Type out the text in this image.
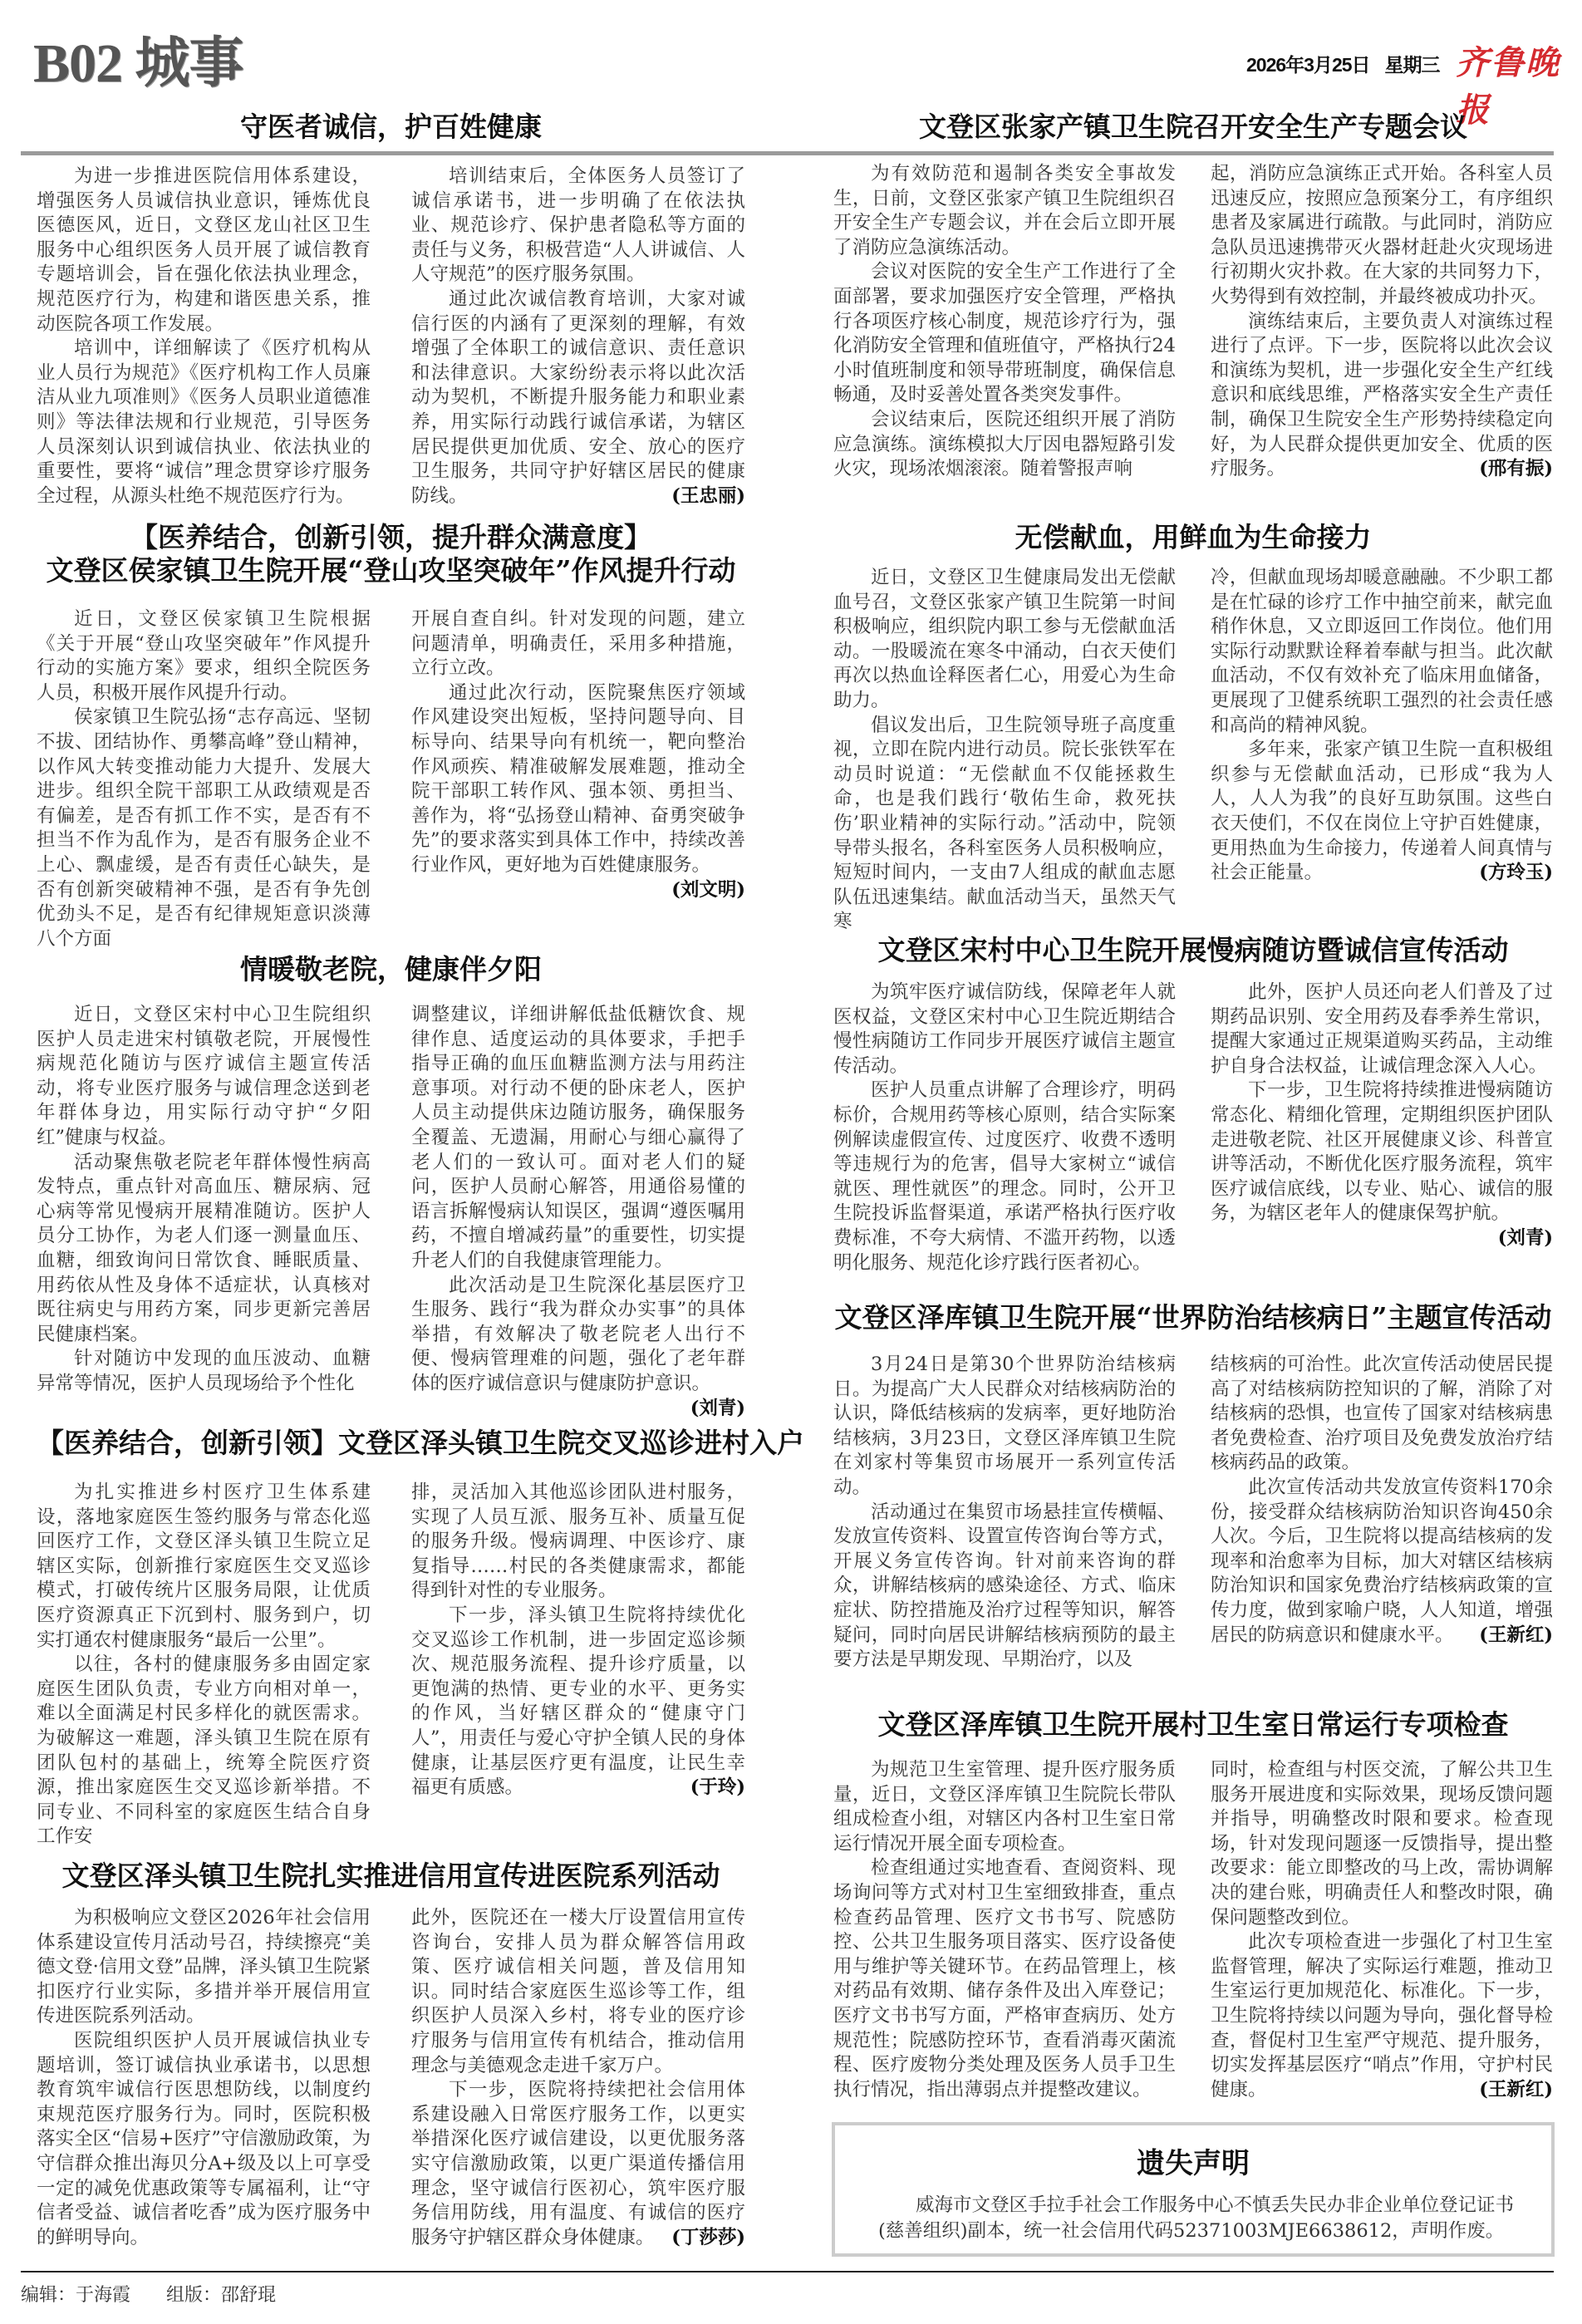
B02 城事	2026年3月25日 星期三 齐鲁晚报
守医者诚信，护百姓健康

为进一步推进医院信用体系建设，增强医务人员诚信执业意识，锤炼优良医德医风，近日，文登区龙山社区卫生服务中心组织医务人员开展了诚信教育专题培训会，旨在强化依法执业理念，规范医疗行为，构建和谐医患关系，推动医院各项工作发展。

培训中，详细解读了《医疗机构从业人员行为规范》《医疗机构工作人员廉洁从业九项准则》《医务人员职业道德准则》等法律法规和行业规范，引导医务人员深刻认识到诚信执业、依法执业的重要性，要将“诚信”理念贯穿诊疗服务全过程，从源头杜绝不规范医疗行为。

培训结束后，全体医务人员签订了诚信承诺书，进一步明确了在依法执业、规范诊疗、保护患者隐私等方面的责任与义务，积极营造“人人讲诚信、人人守规范”的医疗服务氛围。

通过此次诚信教育培训，大家对诚信行医的内涵有了更深刻的理解，有效增强了全体职工的诚信意识、责任意识和法律意识。大家纷纷表示将以此次活动为契机，不断提升服务能力和职业素养，用实际行动践行诚信承诺，为辖区居民提供更加优质、安全、放心的医疗卫生服务，共同守护好辖区居民的健康防线。	(王忠丽)

【医养结合，创新引领，提升群众满意度】
文登区侯家镇卫生院开展“登山攻坚突破年”作风提升行动

近日，文登区侯家镇卫生院根据《关于开展“登山攻坚突破年”作风提升行动的实施方案》要求，组织全院医务人员，积极开展作风提升行动。

侯家镇卫生院弘扬“志存高远、坚韧不拔、团结协作、勇攀高峰”登山精神，以作风大转变推动能力大提升、发展大进步。组织全院干部职工从政绩观是否有偏差，是否有抓工作不实，是否有不担当不作为乱作为，是否有服务企业不上心、飘虚缓，是否有责任心缺失，是否有创新突破精神不强，是否有争先创优劲头不足，是否有纪律规矩意识淡薄八个方面

开展自查自纠。针对发现的问题，建立问题清单，明确责任，采用多种措施，立行立改。

通过此次行动，医院聚焦医疗领域作风建设突出短板，坚持问题导向、目标导向、结果导向有机统一，靶向整治作风顽疾、精准破解发展难题，推动全院干部职工转作风、强本领、勇担当、善作为，将“弘扬登山精神、奋勇突破争先”的要求落实到具体工作中，持续改善行业作风，更好地为百姓健康服务。
(刘文明)

情暖敬老院，健康伴夕阳

近日，文登区宋村中心卫生院组织医护人员走进宋村镇敬老院，开展慢性病规范化随访与医疗诚信主题宣传活动，将专业医疗服务与诚信理念送到老年群体身边，用实际行动守护“夕阳红”健康与权益。

活动聚焦敬老院老年群体慢性病高发特点，重点针对高血压、糖尿病、冠心病等常见慢病开展精准随访。医护人员分工协作，为老人们逐一测量血压、血糖，细致询问日常饮食、睡眠质量、用药依从性及身体不适症状，认真核对既往病史与用药方案，同步更新完善居民健康档案。

针对随访中发现的血压波动、血糖异常等情况，医护人员现场给予个性化

调整建议，详细讲解低盐低糖饮食、规律作息、适度运动的具体要求，手把手指导正确的血压血糖监测方法与用药注意事项。对行动不便的卧床老人，医护人员主动提供床边随访服务，确保服务全覆盖、无遗漏，用耐心与细心赢得了老人们的一致认可。面对老人们的疑问，医护人员耐心解答，用通俗易懂的语言拆解慢病认知误区，强调“遵医嘱用药，不擅自增减药量”的重要性，切实提升老人们的自我健康管理能力。

此次活动是卫生院深化基层医疗卫生服务、践行“我为群众办实事”的具体举措，有效解决了敬老院老人出行不便、慢病管理难的问题，强化了老年群体的医疗诚信意识与健康防护意识。
(刘青)

【医养结合，创新引领】文登区泽头镇卫生院交叉巡诊进村入户

为扎实推进乡村医疗卫生体系建设，落地家庭医生签约服务与常态化巡回医疗工作，文登区泽头镇卫生院立足辖区实际，创新推行家庭医生交叉巡诊模式，打破传统片区服务局限，让优质医疗资源真正下沉到村、服务到户，切实打通农村健康服务“最后一公里”。

以往，各村的健康服务多由固定家庭医生团队负责，专业方向相对单一，难以全面满足村民多样化的就医需求。为破解这一难题，泽头镇卫生院在原有团队包村的基础上，统筹全院医疗资源，推出家庭医生交叉巡诊新举措。不同专业、不同科室的家庭医生结合自身工作安

排，灵活加入其他巡诊团队进村服务，实现了人员互派、服务互补、质量互促的服务升级。慢病调理、中医诊疗、康复指导……村民的各类健康需求，都能得到针对性的专业服务。

下一步，泽头镇卫生院将持续优化交叉巡诊工作机制，进一步固定巡诊频次、规范服务流程、提升诊疗质量，以更饱满的热情、更专业的水平、更务实的作风，当好辖区群众的“健康守门人”，用责任与爱心守护全镇人民的身体健康，让基层医疗更有温度，让民生幸福更有质感。	(于玲)

文登区泽头镇卫生院扎实推进信用宣传进医院系列活动

为积极响应文登区2026年社会信用体系建设宣传月活动号召，持续擦亮“美德文登·信用文登”品牌，泽头镇卫生院紧扣医疗行业实际，多措并举开展信用宣传进医院系列活动。

医院组织医护人员开展诚信执业专题培训，签订诚信执业承诺书，以思想教育筑牢诚信行医思想防线，以制度约束规范医疗服务行为。同时，医院积极落实全区“信易+医疗”守信激励政策，为守信群众推出海贝分A+级及以上可享受一定的减免优惠政策等专属福利，让“守信者受益、诚信者吃香”成为医疗服务中的鲜明导向。

此外，医院还在一楼大厅设置信用宣传咨询台，安排人员为群众解答信用政策、医疗诚信相关问题，普及信用知识。同时结合家庭医生巡诊等工作，组织医护人员深入乡村，将专业的医疗诊疗服务与信用宣传有机结合，推动信用理念与美德观念走进千家万户。

下一步，医院将持续把社会信用体系建设融入日常医疗服务工作，以更实举措深化医疗诚信建设，以更优服务落实守信激励政策，以更广渠道传播信用理念，坚守诚信行医初心，筑牢医疗服务信用防线，用有温度、有诚信的医疗服务守护辖区群众身体健康。 (丁莎莎)

文登区张家产镇卫生院召开安全生产专题会议

为有效防范和遏制各类安全事故发生，日前，文登区张家产镇卫生院组织召开安全生产专题会议，并在会后立即开展了消防应急演练活动。

会议对医院的安全生产工作进行了全面部署，要求加强医疗安全管理，严格执行各项医疗核心制度，规范诊疗行为，强化消防安全管理和值班值守，严格执行24小时值班制度和领导带班制度，确保信息畅通，及时妥善处置各类突发事件。

会议结束后，医院还组织开展了消防应急演练。演练模拟大厅因电器短路引发火灾，现场浓烟滚滚。随着警报声响

起，消防应急演练正式开始。各科室人员迅速反应，按照应急预案分工，有序组织患者及家属进行疏散。与此同时，消防应急队员迅速携带灭火器材赶赴火灾现场进行初期火灾扑救。在大家的共同努力下，火势得到有效控制，并最终被成功扑灭。

演练结束后，主要负责人对演练过程进行了点评。下一步，医院将以此次会议和演练为契机，进一步强化安全生产红线意识和底线思维，严格落实安全生产责任制，确保卫生院安全生产形势持续稳定向好，为人民群众提供更加安全、优质的医疗服务。	(邢有振)

无偿献血，用鲜血为生命接力

近日，文登区卫生健康局发出无偿献血号召，文登区张家产镇卫生院第一时间积极响应，组织院内职工参与无偿献血活动。一股暖流在寒冬中涌动，白衣天使们再次以热血诠释医者仁心，用爱心为生命助力。

倡议发出后，卫生院领导班子高度重视，立即在院内进行动员。院长张铁军在动员时说道：“无偿献血不仅能拯救生命，也是我们践行‘敬佑生命，救死扶伤’职业精神的实际行动。”活动中，院领导带头报名，各科室医务人员积极响应，短短时间内，一支由7人组成的献血志愿队伍迅速集结。献血活动当天，虽然天气寒

冷，但献血现场却暖意融融。不少职工都是在忙碌的诊疗工作中抽空前来，献完血稍作休息，又立即返回工作岗位。他们用实际行动默默诠释着奉献与担当。此次献血活动，不仅有效补充了临床用血储备，更展现了卫健系统职工强烈的社会责任感和高尚的精神风貌。

多年来，张家产镇卫生院一直积极组织参与无偿献血活动，已形成“我为人人，人人为我”的良好互助氛围。这些白衣天使们，不仅在岗位上守护百姓健康，更用热血为生命接力，传递着人间真情与社会正能量。	(方玲玉)

文登区宋村中心卫生院开展慢病随访暨诚信宣传活动

为筑牢医疗诚信防线，保障老年人就医权益，文登区宋村中心卫生院近期结合慢性病随访工作同步开展医疗诚信主题宣传活动。

医护人员重点讲解了合理诊疗，明码标价，合规用药等核心原则，结合实际案例解读虚假宣传、过度医疗、收费不透明等违规行为的危害，倡导大家树立“诚信就医、理性就医”的理念。同时，公开卫生院投诉监督渠道，承诺严格执行医疗收费标准，不夸大病情、不滥开药物，以透明化服务、规范化诊疗践行医者初心。

此外，医护人员还向老人们普及了过期药品识别、安全用药及春季养生常识，提醒大家通过正规渠道购买药品，主动维护自身合法权益，让诚信理念深入人心。

下一步，卫生院将持续推进慢病随访常态化、精细化管理，定期组织医护团队走进敬老院、社区开展健康义诊、科普宣讲等活动，不断优化医疗服务流程，筑牢医疗诚信底线，以专业、贴心、诚信的服务，为辖区老年人的健康保驾护航。
(刘青)

文登区泽库镇卫生院开展“世界防治结核病日”主题宣传活动

3月24日是第30个世界防治结核病日。为提高广大人民群众对结核病防治的认识，降低结核病的发病率，更好地防治结核病，3月23日，文登区泽库镇卫生院在刘家村等集贸市场展开一系列宣传活动。

活动通过在集贸市场悬挂宣传横幅、发放宣传资料、设置宣传咨询台等方式，开展义务宣传咨询。针对前来咨询的群众，讲解结核病的感染途径、方式、临床症状、防控措施及治疗过程等知识，解答疑问，同时向居民讲解结核病预防的最主要方法是早期发现、早期治疗，以及

结核病的可治性。此次宣传活动使居民提高了对结核病防控知识的了解，消除了对结核病的恐惧，也宣传了国家对结核病患者免费检查、治疗项目及免费发放治疗结核病药品的政策。

此次宣传活动共发放宣传资料170余份，接受群众结核病防治知识咨询450余人次。今后，卫生院将以提高结核病的发现率和治愈率为目标，加大对辖区结核病防治知识和国家免费治疗结核病政策的宣传力度，做到家喻户晓，人人知道，增强居民的防病意识和健康水平。 (王新红)

文登区泽库镇卫生院开展村卫生室日常运行专项检查

为规范卫生室管理、提升医疗服务质量，近日，文登区泽库镇卫生院院长带队组成检查小组，对辖区内各村卫生室日常运行情况开展全面专项检查。

检查组通过实地查看、查阅资料、现场询问等方式对村卫生室细致排查，重点检查药品管理、医疗文书书写、院感防控、公共卫生服务项目落实、医疗设备使用与维护等关键环节。在药品管理上，核对药品有效期、储存条件及出入库登记；医疗文书书写方面，严格审查病历、处方规范性；院感防控环节，查看消毒灭菌流程、医疗废物分类处理及医务人员手卫生执行情况，指出薄弱点并提整改建议。

同时，检查组与村医交流，了解公共卫生服务开展进度和实际效果，现场反馈问题并指导，明确整改时限和要求。检查现场，针对发现问题逐一反馈指导，提出整改要求：能立即整改的马上改，需协调解决的建台账，明确责任人和整改时限，确保问题整改到位。

此次专项检查进一步强化了村卫生室监督管理，解决了实际运行难题，推动卫生室运行更加规范化、标准化。下一步，卫生院将持续以问题为导向，强化督导检查，督促村卫生室严守规范、提升服务，切实发挥基层医疗“哨点”作用，守护村民健康。	(王新红)

遗失声明
威海市文登区手拉手社会工作服务中心不慎丢失民办非企业单位登记证书(慈善组织)副本，统一社会信用代码52371003MJE6638612，声明作废。
编辑：于海霞 组版：邵舒琨
